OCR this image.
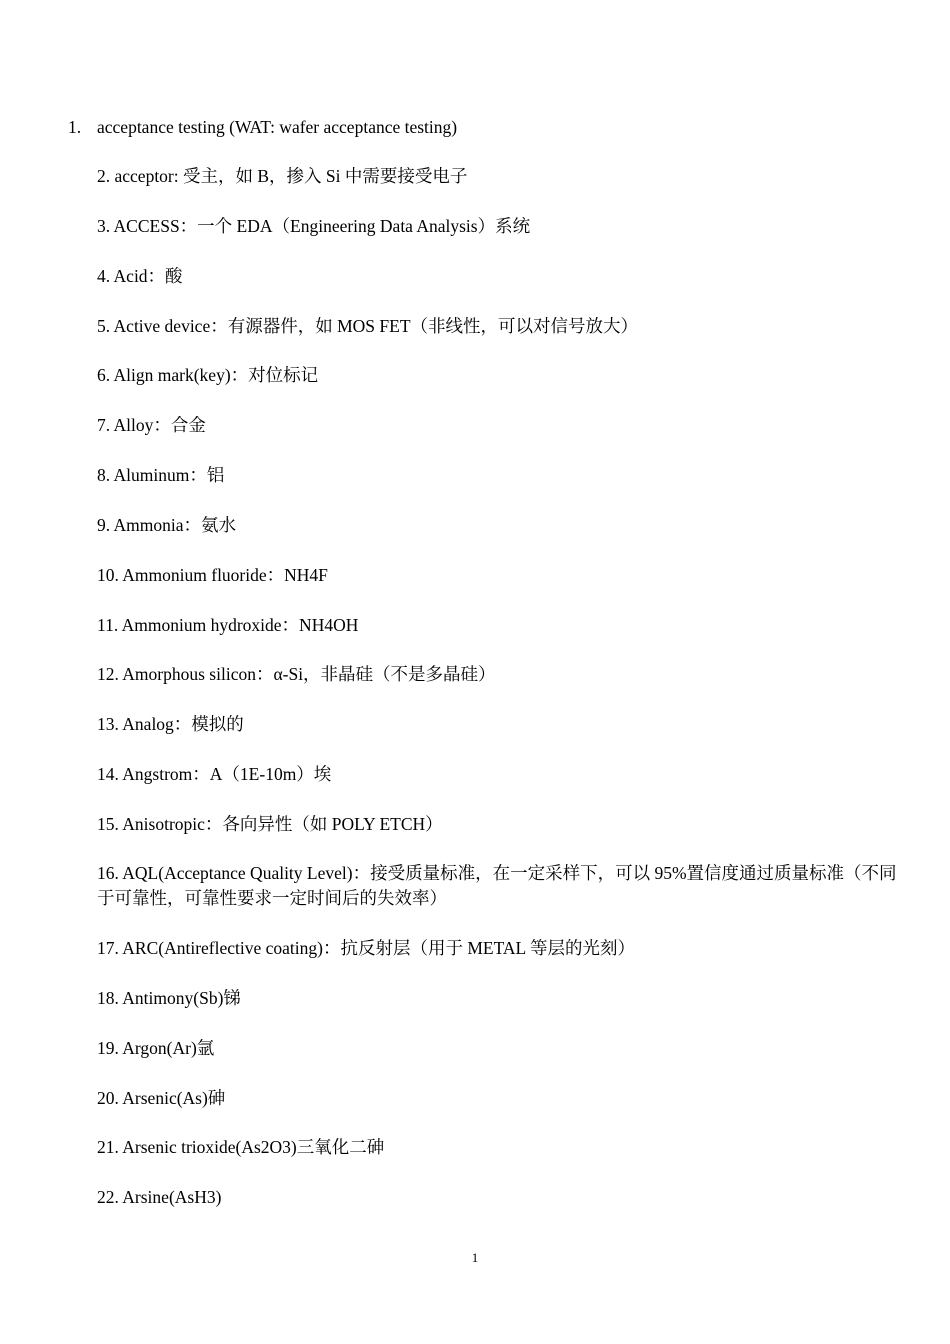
1. acceptance testing (WAT: wafer acceptance testing)
2. acceptor: 受主，如 B，掺入 Si 中需要接受电子
3. ACCESS：一个 EDA（Engineering Data Analysis）系统
4. Acid：酸
5. Active device：有源器件，如 MOS FET（非线性，可以对信号放大）
6. Align mark(key)：对位标记
7. Alloy：合金
8. Aluminum：铝
9. Ammonia：氨水
10. Ammonium fluoride：NH4F
11. Ammonium hydroxide：NH4OH
12. Amorphous silicon：α-Si，非晶硅（不是多晶硅）
13. Analog：模拟的
14. Angstrom：A（1E-10m）埃
15. Anisotropic：各向异性（如 POLY ETCH）
16. AQL(Acceptance Quality Level)：接受质量标准，在一定采样下，可以 95%置信度通过质量标准（不同于可靠性，可靠性要求一定时间后的失效率）
17. ARC(Antireflective coating)：抗反射层（用于 METAL 等层的光刻）
18. Antimony(Sb)锑
19. Argon(Ar)氩
20. Arsenic(As)砷
21. Arsenic trioxide(As2O3)三氧化二砷
22. Arsine(AsH3)
1
